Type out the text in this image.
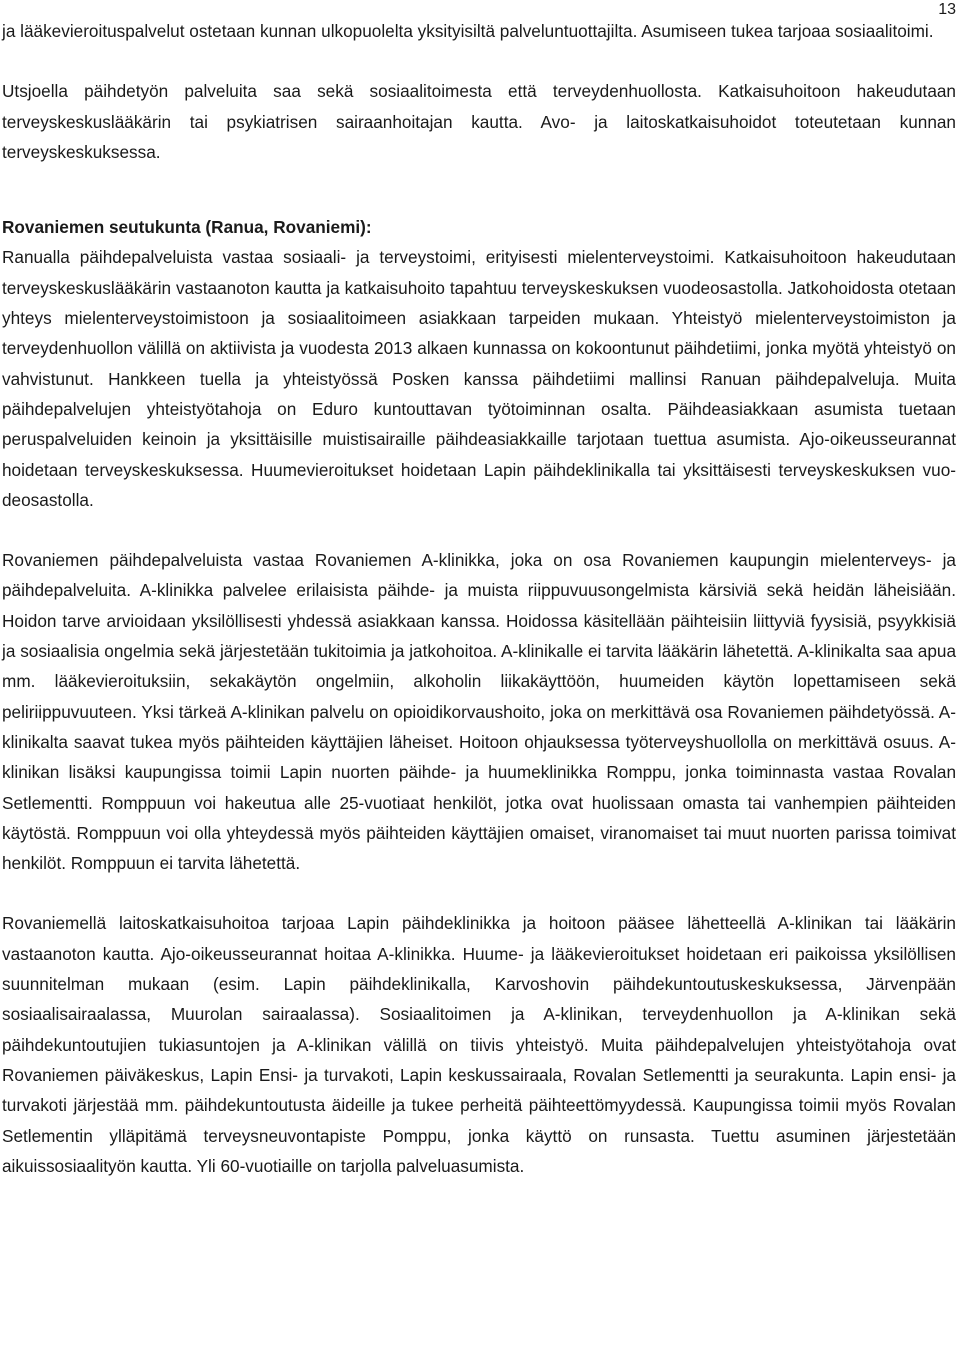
13

ja lääkevieroituspalvelut ostetaan kunnan ulkopuolelta yksityisiltä palveluntuottajilta. Asumiseen tukea tarjoaa sosiaalitoimi.

Utsjoella päihdetyön palveluita saa sekä sosiaalitoimesta että terveydenhuollosta. Katkaisuhoitoon hakeudutaan terveyskeskuslääkärin tai psykiatrisen sairaanhoitajan kautta. Avo- ja laitoskatkaisuhoidot toteutetaan kunnan terveyskeskuksessa.

Rovaniemen seutukunta (Ranua, Rovaniemi):

Ranualla päihdepalveluista vastaa sosiaali- ja terveystoimi, erityisesti mielenterveystoimi. Katkaisuhoitoon hakeudutaan terveyskeskuslääkärin vastaanoton kautta ja katkaisuhoito tapahtuu terveyskeskuksen vuodeosastolla. Jatkohoidosta otetaan yhteys mielenterveystoimistoon ja sosiaalitoimeen asiakkaan tarpeiden mukaan. Yhteistyö mielenterveystoimiston ja terveydenhuollon välillä on aktiivista ja vuodesta 2013 alkaen kunnassa on kokoontunut päihdetiimi, jonka myötä yhteistyö on vahvistunut. Hankkeen tuella ja yhteistyössä Posken kanssa päihdetiimi mallinsi Ranuan päihdepalveluja. Muita päihdepalvelujen yhteistyötahoja on Eduro kuntouttavan työtoiminnan osalta. Päihdeasiakkaan asumista tuetaan peruspalveluiden keinoin ja yksittäisille muistisairaille päihdeasiakkaille tarjotaan tuettua asumista. Ajo-oikeusseurannat hoidetaan terveyskeskuksessa. Huumevieroitukset hoidetaan Lapin päihdeklinikalla tai yksittäisesti terveyskeskuksen vuodeosastolla.

Rovaniemen päihdepalveluista vastaa Rovaniemen A-klinikka, joka on osa Rovaniemen kaupungin mielenterveys- ja päihdepalveluita. A-klinikka palvelee erilaisista päihde- ja muista riippuvuusongelmista kärsiviä sekä heidän läheisiään. Hoidon tarve arvioidaan yksilöllisesti yhdessä asiakkaan kanssa. Hoidossa käsitellään päihteisiin liittyviä fyysisiä, psyykkisiä ja sosiaalisia ongelmia sekä järjestetään tukitoimia ja jatkohoitoa. A-klinikalle ei tarvita lääkärin lähetettä. A-klinikalta saa apua mm. lääkevieroituksiin, sekakäytön ongelmiin, alkoholin liikakäyttöön, huumeiden käytön lopettamiseen sekä peliriippuvuuteen. Yksi tärkeä A-klinikan palvelu on opioidikorvaushoito, joka on merkittävä osa Rovaniemen päihdetyössä. A-klinikalta saavat tukea myös päihteiden käyttäjien läheiset. Hoitoon ohjauksessa työterveyshuollolla on merkittävä osuus. A-klinikan lisäksi kaupungissa toimii Lapin nuorten päihde- ja huumeklinikka Romppu, jonka toiminnasta vastaa Rovalan Setlementti. Romppuun voi hakeutua alle 25-vuotiaat henkilöt, jotka ovat huolissaan omasta tai vanhempien päihteiden käytöstä. Romppuun voi olla yhteydessä myös päihteiden käyttäjien omaiset, viranomaiset tai muut nuorten parissa toimivat henkilöt. Romppuun ei tarvita lähetettä.

Rovaniemellä laitoskatkaisuhoitoa tarjoaa Lapin päihdeklinikka ja hoitoon pääsee lähetteellä A-klinikan tai lääkärin vastaanoton kautta. Ajo-oikeusseurannat hoitaa A-klinikka. Huume- ja lääkevieroitukset hoidetaan eri paikoissa yksilöllisen suunnitelman mukaan (esim. Lapin päihdeklinikalla, Karvoshovin päihdekuntoutuskeskuksessa, Järvenpään sosiaalisairaalassa, Muurolan sairaalassa). Sosiaalitoimen ja A-klinikan, terveydenhuollon ja A-klinikan sekä päihdekuntoutujien tukiasuntojen ja A-klinikan välillä on tiivis yhteistyö. Muita päihdepalvelujen yhteistyötahoja ovat Rovaniemen päiväkeskus, Lapin Ensi- ja turvakoti, Lapin keskussairaala, Rovalan Setlementti ja seurakunta. Lapin ensi- ja turvakoti järjestää mm. päihdekuntoutusta äideille ja tukee perheitä päihteettömyydessä. Kaupungissa toimii myös Rovalan Setlementin ylläpitämä terveysneuvontapiste Pomppu, jonka käyttö on runsasta. Tuettu asuminen järjestetään aikuissosiaalityön kautta. Yli 60-vuotiaille on tarjolla palveluasumista.
